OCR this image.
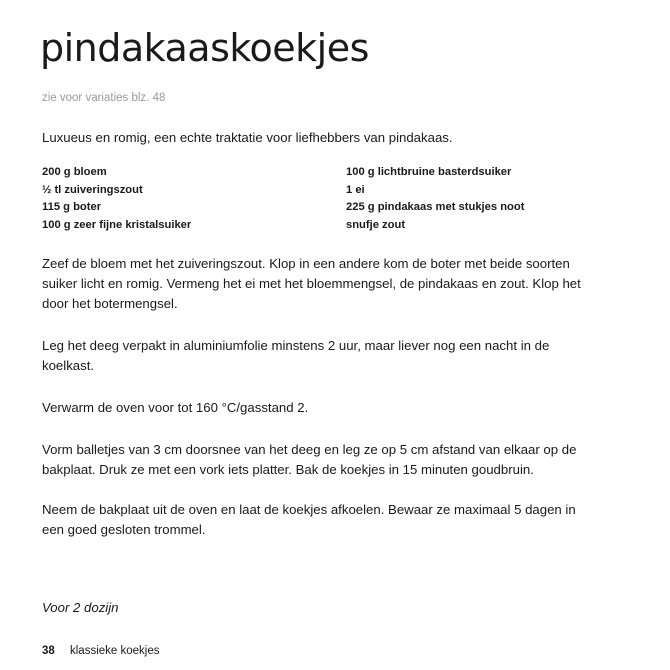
pindakaaskoekjes
zie voor variaties blz. 48
Luxueus en romig, een echte traktatie voor liefhebbers van pindakaas.
200 g bloem
½ tl zuiveringszout
115 g boter
100 g zeer fijne kristalsuiker
100 g lichtbruine basterdsuiker
1 ei
225 g pindakaas met stukjes noot
snufje zout

Zeef de bloem met het zuiveringszout. Klop in een andere kom de boter met beide soorten
suiker licht en romig. Vermeng het ei met het bloemmengsel, de pindakaas en zout. Klop het
door het botermengsel.

Leg het deeg verpakt in aluminiumfolie minstens 2 uur, maar liever nog een nacht in de
koelkast.

Verwarm de oven voor tot 160 °C/gasstand 2.

Vorm balletjes van 3 cm doorsnee van het deeg en leg ze op 5 cm afstand van elkaar op de
bakplaat. Druk ze met een vork iets platter. Bak de koekjes in 15 minuten goudbruin.

Neem de bakplaat uit de oven en laat de koekjes afkoelen. Bewaar ze maximaal 5 dagen in
een goed gesloten trommel.

Voor 2 dozijn
38 klassieke koekjes
